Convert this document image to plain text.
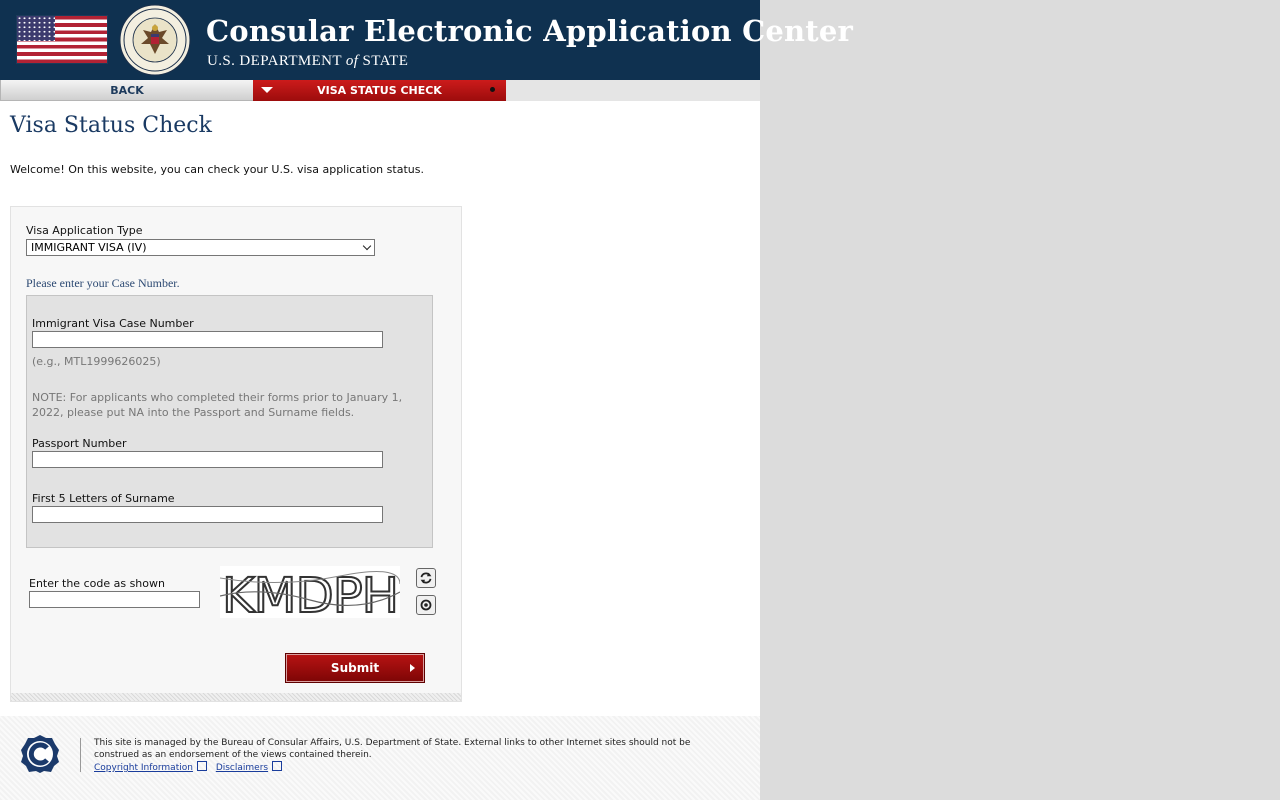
Consular Electronic Application Center
U.S. DEPARTMENT of STATE
BACK	VISA STATUS CHECK
Visa Status Check
Welcome! On this website, you can check your U.S. visa application status.
Visa Application Type
IMMIGRANT VISA (IV)
Please enter your Case Number.
Immigrant Visa Case Number
(e.g., MTL1999626025)
NOTE: For applicants who completed their forms prior to January 1, 2022, please put NA into the Passport and Surname fields.
Passport Number
First 5 Letters of Surname
Enter the code as shown KMDPH
Submit
This site is managed by the Bureau of Consular Affairs, U.S. Department of State. External links to other Internet sites should not be construed as an endorsement of the views contained therein.
Copyright Information	Disclaimers
